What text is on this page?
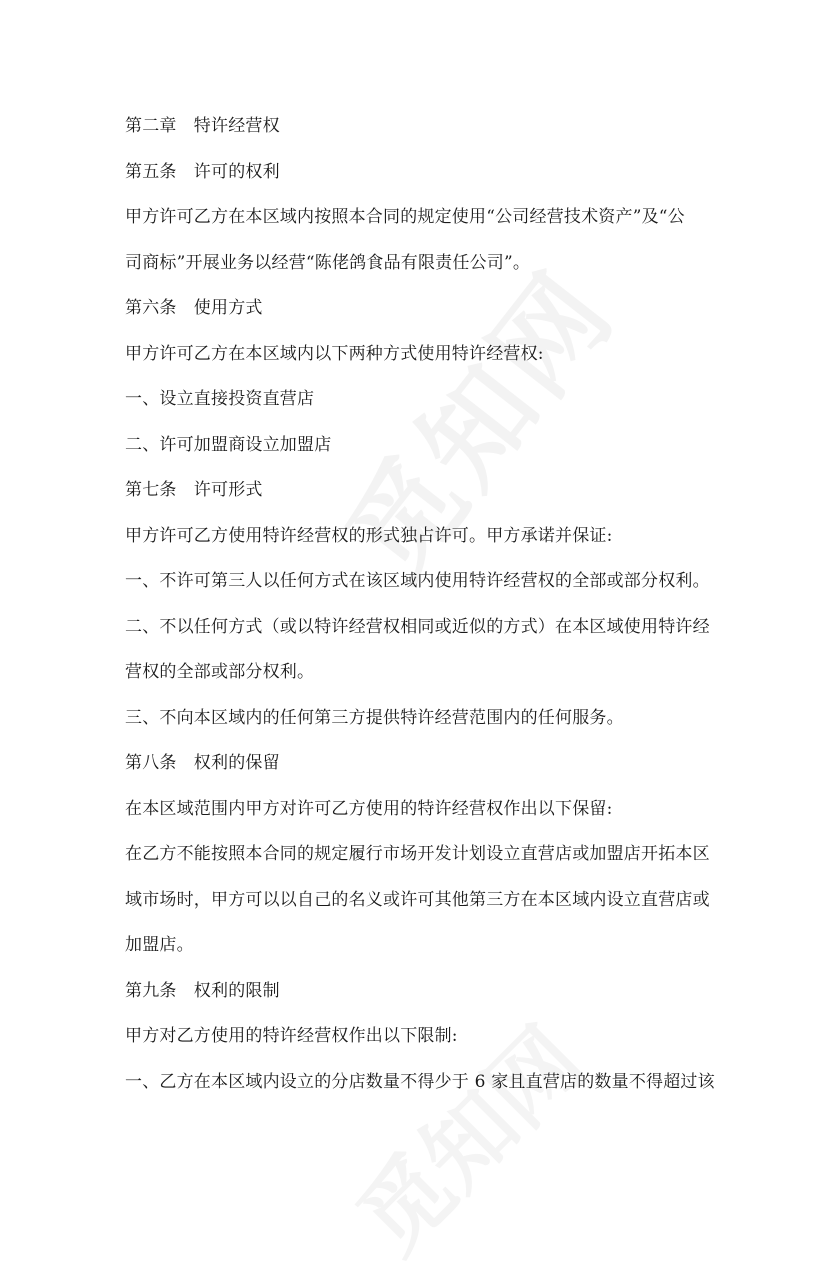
第二章　特许经营权
第五条　许可的权利
甲方许可乙方在本区域内按照本合同的规定使用“公司经营技术资产”及“公
司商标”开展业务以经营“陈佬鸽食品有限责任公司”。
第六条　使用方式
甲方许可乙方在本区域内以下两种方式使用特许经营权:
一、设立直接投资直营店
二、许可加盟商设立加盟店
第七条　许可形式
甲方许可乙方使用特许经营权的形式独占许可。甲方承诺并保证:
一、不许可第三人以任何方式在该区域内使用特许经营权的全部或部分权利。
二、不以任何方式（或以特许经营权相同或近似的方式）在本区域使用特许经
营权的全部或部分权利。
三、不向本区域内的任何第三方提供特许经营范围内的任何服务。
第八条　权利的保留
在本区域范围内甲方对许可乙方使用的特许经营权作出以下保留:
在乙方不能按照本合同的规定履行市场开发计划设立直营店或加盟店开拓本区
域市场时，甲方可以以自己的名义或许可其他第三方在本区域内设立直营店或
加盟店。
第九条　权利的限制
甲方对乙方使用的特许经营权作出以下限制:
一、乙方在本区域内设立的分店数量不得少于 6 家且直营店的数量不得超过该
